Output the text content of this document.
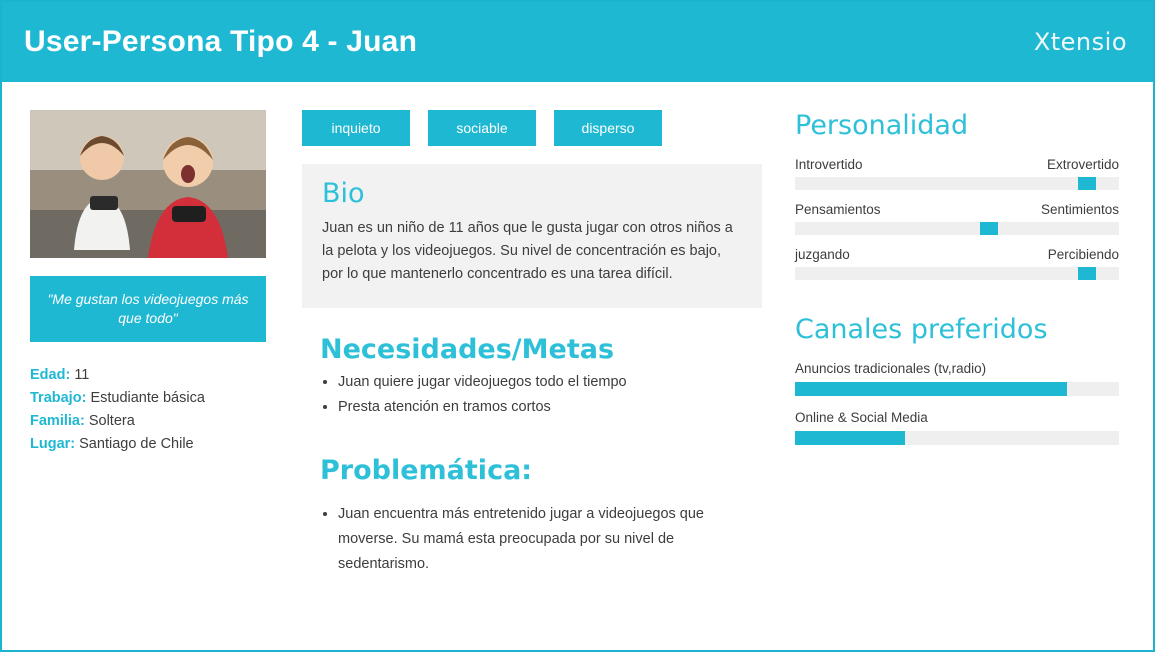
User-Persona Tipo 4 - Juan	Xtensio
"Me gustan los videojuegos más que todo"
Edad: 11
Trabajo: Estudiante básica
Familia: Soltera
Lugar: Santiago de Chile
inquieto	sociable	disperso
Bio
Juan es un niño de 11 años que le gusta jugar con otros niños a la pelota y los videojuegos. Su nivel de concentración es bajo, por lo que mantenerlo concentrado es una tarea difícil.
Necesidades/Metas
• Juan quiere jugar videojuegos todo el tiempo
• Presta atención en tramos cortos
Problemática:
• Juan encuentra más entretenido jugar a videojuegos que moverse. Su mamá esta preocupada por su nivel de sedentarismo.
Personalidad
Introvertido	Extrovertido
Pensamientos	Sentimientos
juzgando	Percibiendo
Canales preferidos
Anuncios tradicionales (tv,radio)
Online & Social Media
